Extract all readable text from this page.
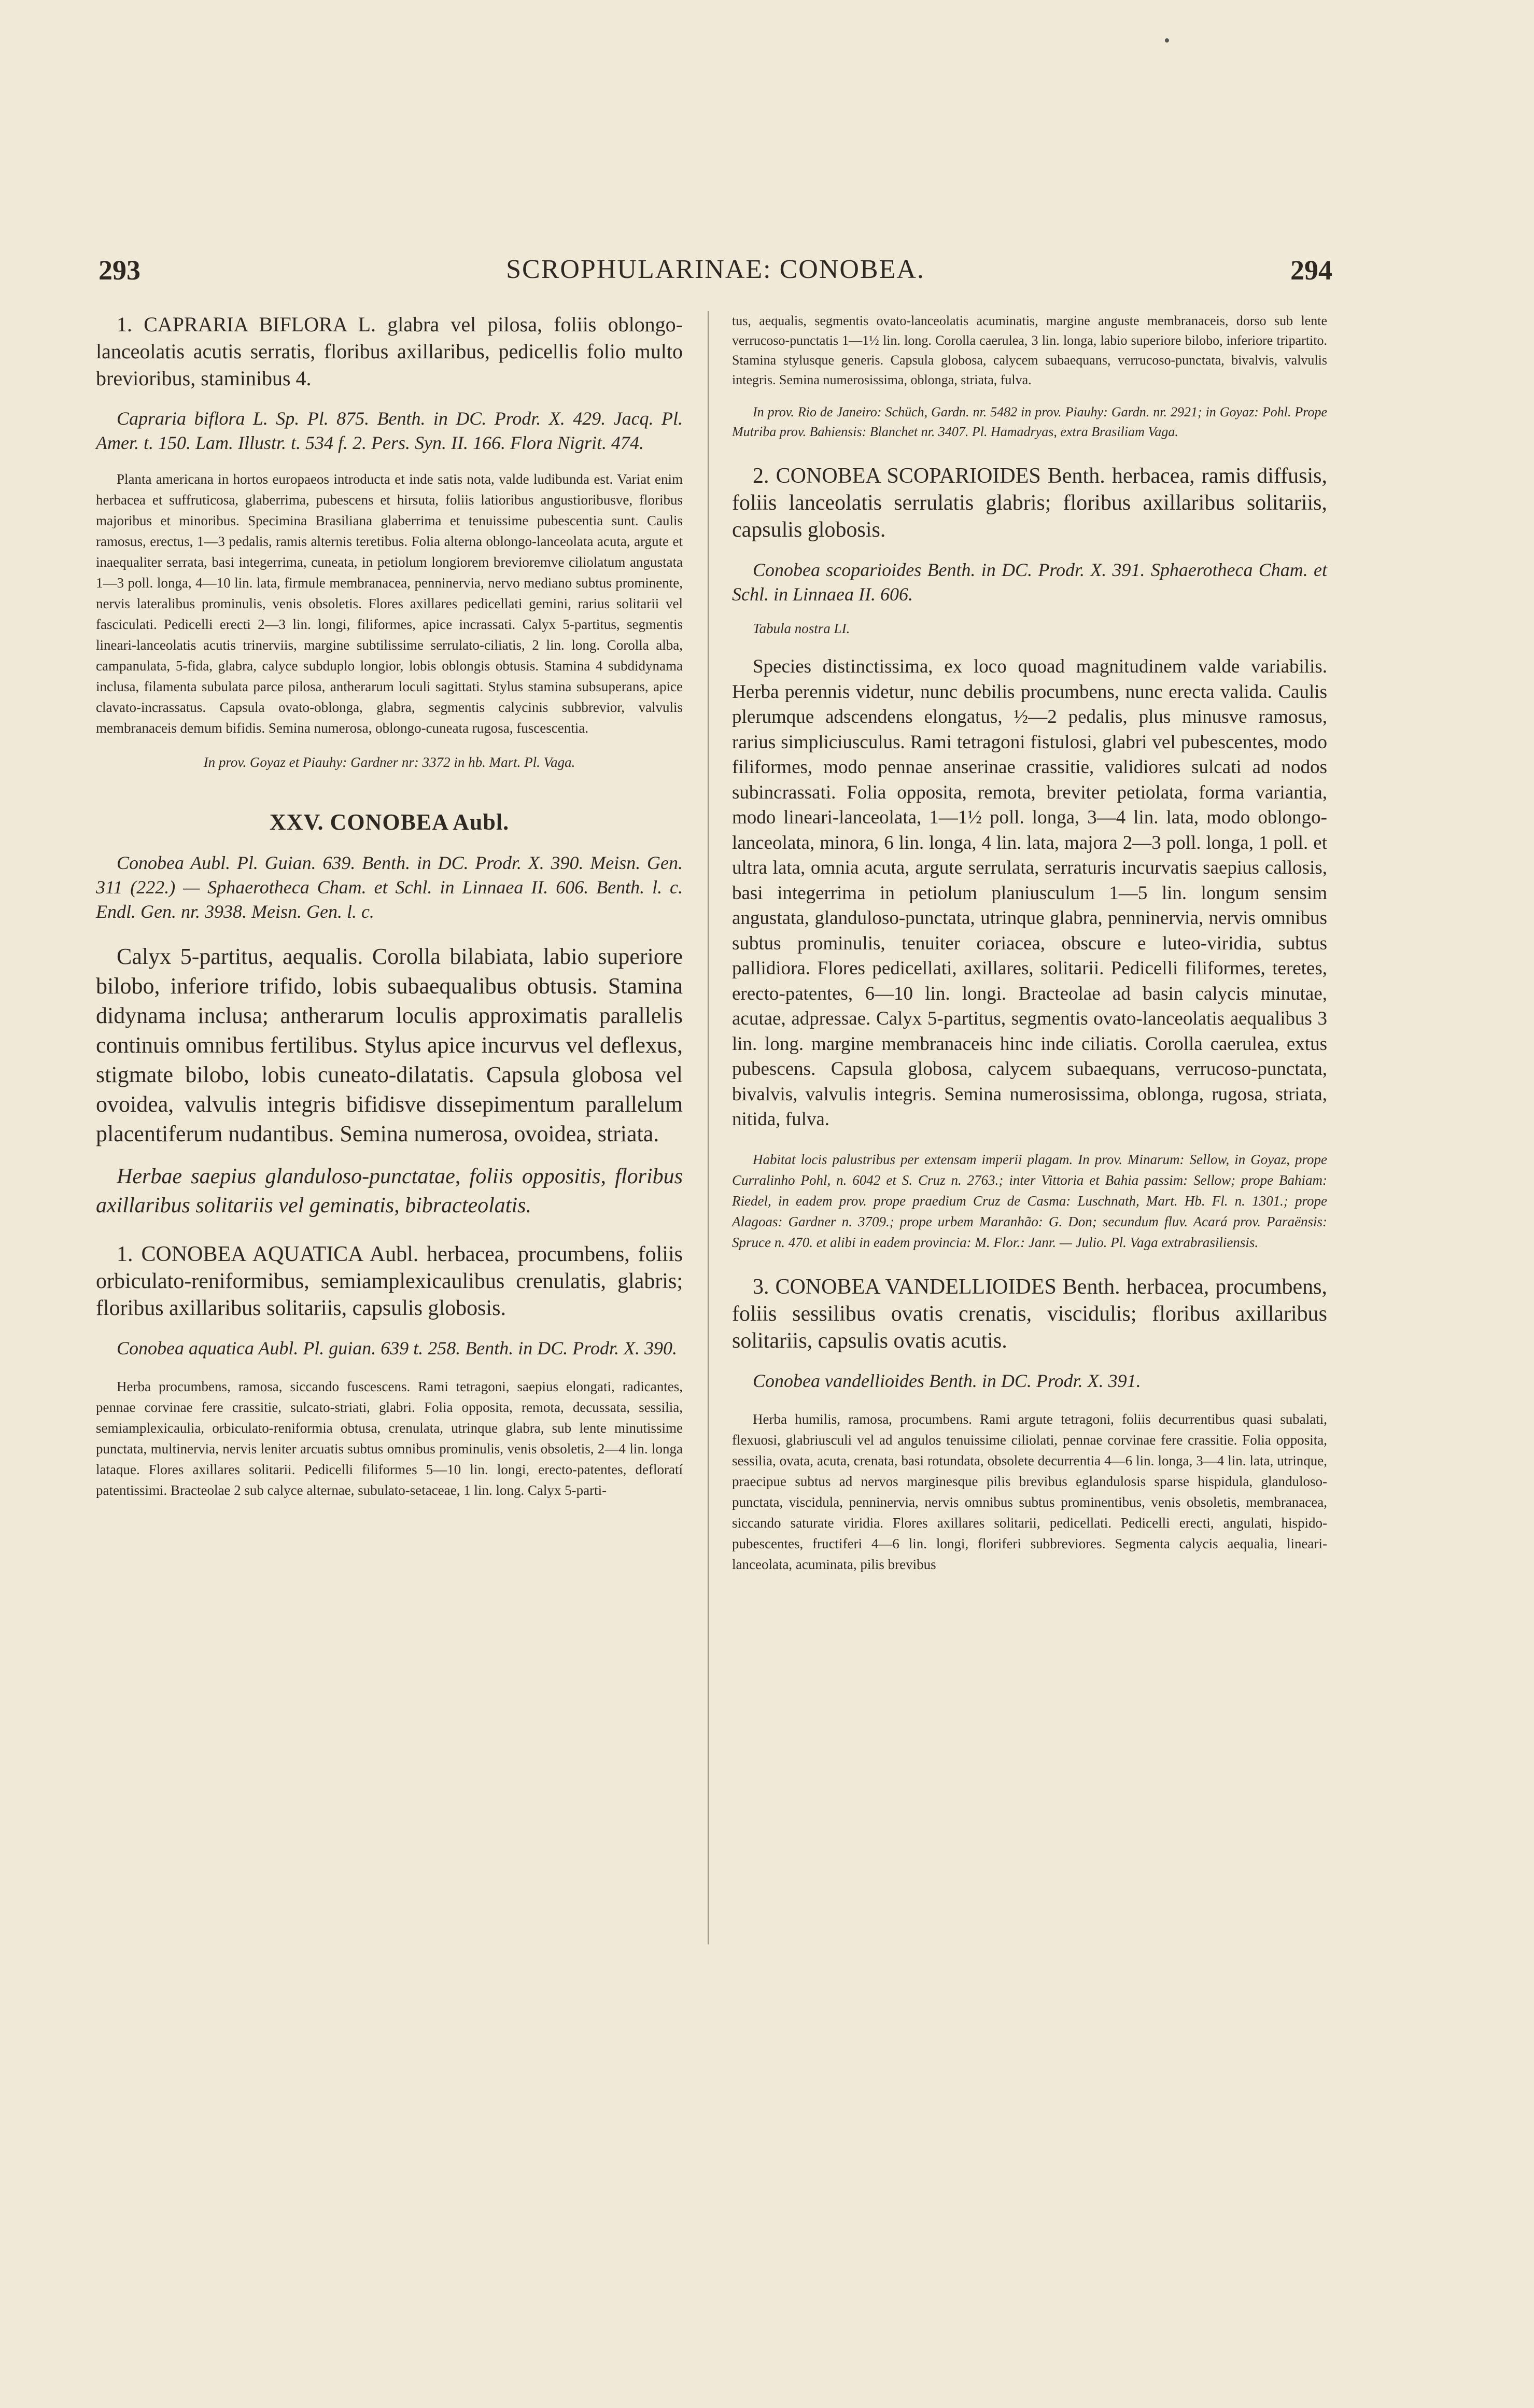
293	SCROPHULARINAE: CONOBEA.	294
•

1. CAPRARIA BIFLORA L. glabra vel pilosa, foliis oblongo-lanceolatis acutis serratis, floribus axillaribus, pedicellis folio multo brevioribus, staminibus 4.

Capraria biflora L. Sp. Pl. 875. Benth. in DC. Prodr. X. 429. Jacq. Pl. Amer. t. 150. Lam. Illustr. t. 534 f. 2. Pers. Syn. II. 166. Flora Nigrit. 474.

Planta americana in hortos europaeos introducta et inde satis nota, valde ludibunda est. Variat enim herbacea et suffruticosa, glaberrima, pubescens et hirsuta, foliis latioribus angustioribusve, floribus majoribus et minoribus. Specimina Brasiliana glaberrima et tenuissime pubescentia sunt. Caulis ramosus, erectus, 1—3 pedalis, ramis alternis teretibus. Folia alterna oblongo-lanceolata acuta, argute et inaequaliter serrata, basi integerrima, cuneata, in petiolum longiorem brevioremve ciliolatum angustata 1—3 poll. longa, 4—10 lin. lata, firmule membranacea, penninervia, nervo mediano subtus prominente, nervis lateralibus prominulis, venis obsoletis. Flores axillares pedicellati gemini, rarius solitarii vel fasciculati. Pedicelli erecti 2—3 lin. longi, filiformes, apice incrassati. Calyx 5-partitus, segmentis lineari-lanceolatis acutis trinerviis, margine subtilissime serrulato-ciliatis, 2 lin. long. Corolla alba, campanulata, 5-fida, glabra, calyce subduplo longior, lobis oblongis obtusis. Stamina 4 subdidynama inclusa, filamenta subulata parce pilosa, antherarum loculi sagittati. Stylus stamina subsuperans, apice clavato-incrassatus. Capsula ovato-oblonga, glabra, segmentis calycinis subbrevior, valvulis membranaceis demum bifidis. Semina numerosa, oblongo-cuneata rugosa, fuscescentia.

In prov. Goyaz et Piauhy: Gardner nr: 3372 in hb. Mart. Pl. Vaga.

XXV. CONOBEA Aubl.

Conobea Aubl. Pl. Guian. 639. Benth. in DC. Prodr. X. 390. Meisn. Gen. 311 (222.) — Sphaerotheca Cham. et Schl. in Linnaea II. 606. Benth. l. c. Endl. Gen. nr. 3938. Meisn. Gen. l. c.

Calyx 5-partitus, aequalis. Corolla bilabiata, labio superiore bilobo, inferiore trifido, lobis subaequalibus obtusis. Stamina didynama inclusa; antherarum loculis approximatis parallelis continuis omnibus fertilibus. Stylus apice incurvus vel deflexus, stigmate bilobo, lobis cuneato-dilatatis. Capsula globosa vel ovoidea, valvulis integris bifidisve dissepimentum parallelum placentiferum nudantibus. Semina numerosa, ovoidea, striata.

Herbae saepius glanduloso-punctatae, foliis oppositis, floribus axillaribus solitariis vel geminatis, bibracteolatis.

1. CONOBEA AQUATICA Aubl. herbacea, procumbens, foliis orbiculato-reniformibus, semiamplexicaulibus crenulatis, glabris; floribus axillaribus solitariis, capsulis globosis.

Conobea aquatica Aubl. Pl. guian. 639 t. 258. Benth. in DC. Prodr. X. 390.

Herba procumbens, ramosa, siccando fuscescens. Rami tetragoni, saepius elongati, radicantes, pennae corvinae fere crassitie, sulcato-striati, glabri. Folia opposita, remota, decussata, sessilia, semiamplexicaulia, orbiculato-reniformia obtusa, crenulata, utrinque glabra, sub lente minutissime punctata, multinervia, nervis leniter arcuatis subtus omnibus prominulis, venis obsoletis, 2—4 lin. longa lataque. Flores axillares solitarii. Pedicelli filiformes 5—10 lin. longi, erecto-patentes, defloratí patentissimi. Bracteolae 2 sub calyce alternae, subulato-setaceae, 1 lin. long. Calyx 5-parti-

tus, aequalis, segmentis ovato-lanceolatis acuminatis, margine anguste membranaceis, dorso sub lente verrucoso-punctatis 1—1½ lin. long. Corolla caerulea, 3 lin. longa, labio superiore bilobo, inferiore tripartito. Stamina stylusque generis. Capsula globosa, calycem subaequans, verrucoso-punctata, bivalvis, valvulis integris. Semina numerosissima, oblonga, striata, fulva.

In prov. Rio de Janeiro: Schüch, Gardn. nr. 5482 in prov. Piauhy: Gardn. nr. 2921; in Goyaz: Pohl. Prope Mutriba prov. Bahiensis: Blanchet nr. 3407. Pl. Hamadryas, extra Brasiliam Vaga.

2. CONOBEA SCOPARIOIDES Benth. herbacea, ramis diffusis, foliis lanceolatis serrulatis glabris; floribus axillaribus solitariis, capsulis globosis.

Conobea scoparioides Benth. in DC. Prodr. X. 391. Sphaerotheca Cham. et Schl. in Linnaea II. 606.

Tabula nostra LI.

Species distinctissima, ex loco quoad magnitudinem valde variabilis. Herba perennis videtur, nunc debilis procumbens, nunc erecta valida. Caulis plerumque adscendens elongatus, ½—2 pedalis, plus minusve ramosus, rarius simpliciusculus. Rami tetragoni fistulosi, glabri vel pubescentes, modo filiformes, modo pennae anserinae crassitie, validiores sulcati ad nodos subincrassati. Folia opposita, remota, breviter petiolata, forma variantia, modo lineari-lanceolata, 1—1½ poll. longa, 3—4 lin. lata, modo oblongo-lanceolata, minora, 6 lin. longa, 4 lin. lata, majora 2—3 poll. longa, 1 poll. et ultra lata, omnia acuta, argute serrulata, serraturis incurvatis saepius callosis, basi integerrima in petiolum planiusculum 1—5 lin. longum sensim angustata, glanduloso-punctata, utrinque glabra, penninervia, nervis omnibus subtus prominulis, tenuiter coriacea, obscure e luteo-viridia, subtus pallidiora. Flores pedicellati, axillares, solitarii. Pedicelli filiformes, teretes, erecto-patentes, 6—10 lin. longi. Bracteolae ad basin calycis minutae, acutae, adpressae. Calyx 5-partitus, segmentis ovato-lanceolatis aequalibus 3 lin. long. margine membranaceis hinc inde ciliatis. Corolla caerulea, extus pubescens. Capsula globosa, calycem subaequans, verrucoso-punctata, bivalvis, valvulis integris. Semina numerosissima, oblonga, rugosa, striata, nitida, fulva.

Habitat locis palustribus per extensam imperii plagam. In prov. Minarum: Sellow, in Goyaz, prope Curralinho Pohl, n. 6042 et S. Cruz n. 2763.; inter Vittoria et Bahia passim: Sellow; prope Bahiam: Riedel, in eadem prov. prope praedium Cruz de Casma: Luschnath, Mart. Hb. Fl. n. 1301.; prope Alagoas: Gardner n. 3709.; prope urbem Maranhão: G. Don; secundum fluv. Acará prov. Paraënsis: Spruce n. 470. et alibi in eadem provincia: M. Flor.: Janr. — Julio. Pl. Vaga extrabrasiliensis.

3. CONOBEA VANDELLIOIDES Benth. herbacea, procumbens, foliis sessilibus ovatis crenatis, viscidulis; floribus axillaribus solitariis, capsulis ovatis acutis.

Conobea vandellioides Benth. in DC. Prodr. X. 391.

Herba humilis, ramosa, procumbens. Rami argute tetragoni, foliis decurrentibus quasi subalati, flexuosi, glabriusculi vel ad angulos tenuissime ciliolati, pennae corvinae fere crassitie. Folia opposita, sessilia, ovata, acuta, crenata, basi rotundata, obsolete decurrentia 4—6 lin. longa, 3—4 lin. lata, utrinque, praecipue subtus ad nervos marginesque pilis brevibus eglandulosis sparse hispidula, glanduloso-punctata, viscidula, penninervia, nervis omnibus subtus prominentibus, venis obsoletis, membranacea, siccando saturate viridia. Flores axillares solitarii, pedicellati. Pedicelli erecti, angulati, hispido-pubescentes, fructiferi 4—6 lin. longi, floriferi subbreviores. Segmenta calycis aequalia, lineari-lanceolata, acuminata, pilis brevibus
